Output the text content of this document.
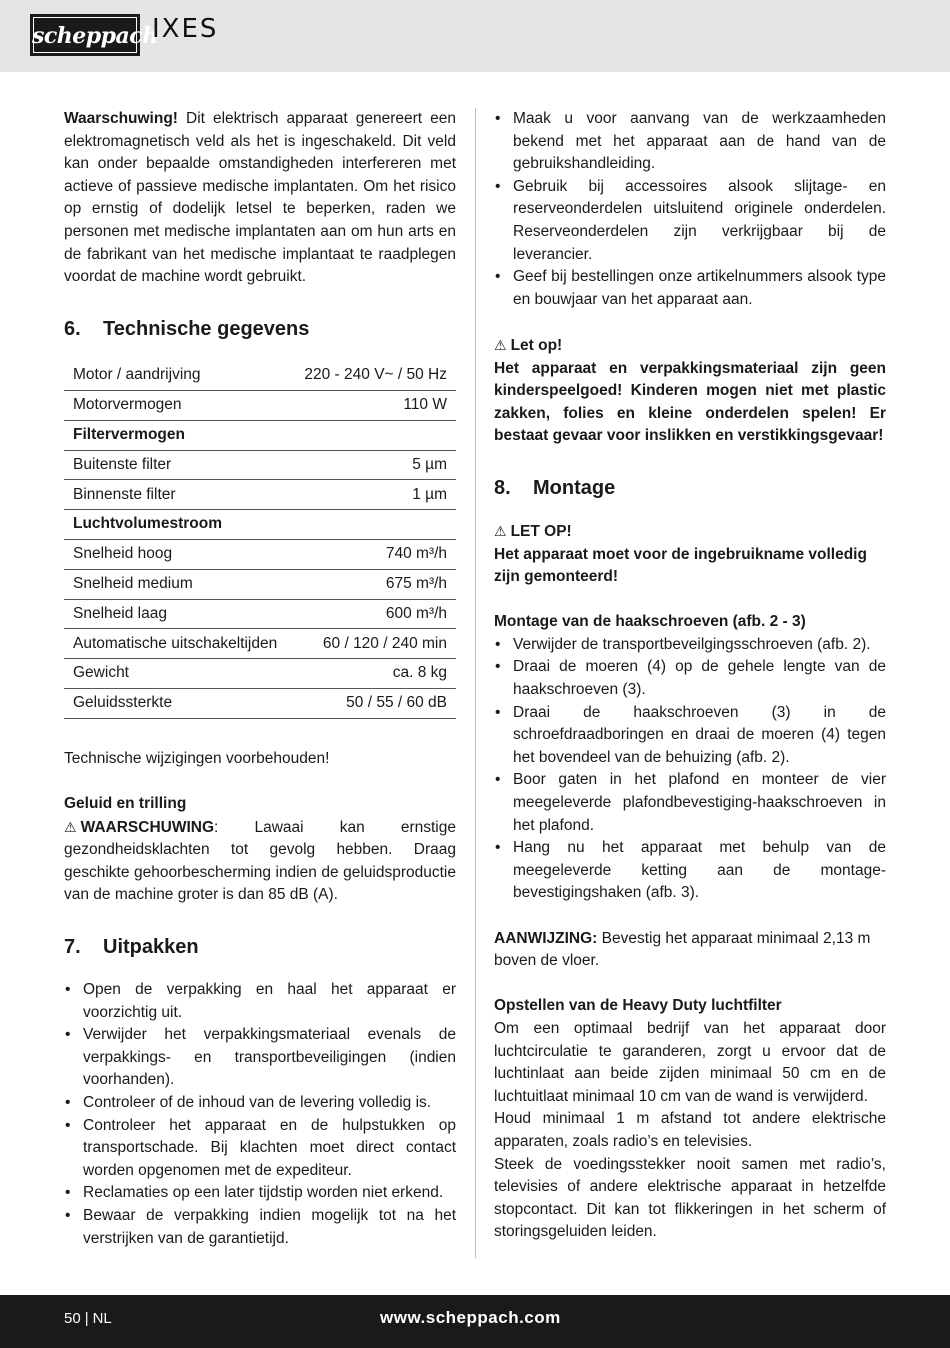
scheppach
IXES

Waarschuwing! Dit elektrisch apparaat genereert een elektromagnetisch veld als het is ingeschakeld. Dit veld kan onder bepaalde omstandigheden interfereren met actieve of passieve medische implantaten. Om het risico op ernstig of dodelijk letsel te beperken, raden we personen met medische implantaten aan om hun arts en de fabrikant van het medische implantaat te raadplegen voordat de machine wordt gebruikt.

6. Technische gegevens
Motor / aandrijving	220 - 240 V~ / 50 Hz
Motorvermogen	110 W
Filtervermogen	
Buitenste filter	5 µm
Binnenste filter	1 µm
Luchtvolumestroom	
Snelheid hoog	740 m³/h
Snelheid medium	675 m³/h
Snelheid laag	600 m³/h
Automatische uitschakeltijden	60 / 120 / 240 min
Gewicht	ca. 8 kg
Geluidssterkte	50 / 55 / 60 dB

Technische wijzigingen voorbehouden!

Geluid en trilling

⚠ WAARSCHUWING: Lawaai kan ernstige gezondheidsklachten tot gevolg hebben. Draag geschikte gehoorbescherming indien de geluidsproductie van de machine groter is dan 85 dB (A).

7. Uitpakken
• Open de verpakking en haal het apparaat er voorzichtig uit.
• Verwijder het verpakkingsmateriaal evenals de verpakkings- en transportbeveiligingen (indien voorhanden).
• Controleer of de inhoud van de levering volledig is.
• Controleer het apparaat en de hulpstukken op transportschade. Bij klachten moet direct contact worden opgenomen met de expediteur.
• Reclamaties op een later tijdstip worden niet erkend.
• Bewaar de verpakking indien mogelijk tot na het verstrijken van de garantietijd.
• Maak u voor aanvang van de werkzaamheden bekend met het apparaat aan de hand van de gebruikshandleiding.
• Gebruik bij accessoires alsook slijtage- en reserveonderdelen uitsluitend originele onderdelen. Reserveonderdelen zijn verkrijgbaar bij de leverancier.
• Geef bij bestellingen onze artikelnummers alsook type en bouwjaar van het apparaat aan.

⚠ Let op!

Het apparaat en verpakkingsmateriaal zijn geen kinderspeelgoed! Kinderen mogen niet met plastic zakken, folies en kleine onderdelen spelen! Er bestaat gevaar voor inslikken en verstikkingsgevaar!

8. Montage

⚠ LET OP!

Het apparaat moet voor de ingebruikname volledig zijn gemonteerd!

Montage van de haakschroeven (afb. 2 - 3)

• Verwijder de transportbeveilgingsschroeven (afb. 2).
• Draai de moeren (4) op de gehele lengte van de haakschroeven (3).
• Draai de haakschroeven (3) in de schroefdraadboringen en draai de moeren (4) tegen het bovendeel van de behuizing (afb. 2).
• Boor gaten in het plafond en monteer de vier meegeleverde plafondbevestiging-haakschroeven in het plafond.
• Hang nu het apparaat met behulp van de meegeleverde ketting aan de montage-bevestigingshaken (afb. 3).

AANWIJZING: Bevestig het apparaat minimaal 2,13 m boven de vloer.

Opstellen van de Heavy Duty luchtfilter

Om een optimaal bedrijf van het apparaat door luchtcirculatie te garanderen, zorgt u ervoor dat de luchtinlaat aan beide zijden minimaal 50 cm en de luchtuitlaat minimaal 10 cm van de wand is verwijderd.

Houd minimaal 1 m afstand tot andere elektrische apparaten, zoals radio’s en televisies.

Steek de voedingsstekker nooit samen met radio’s, televisies of andere elektrische apparaat in hetzelfde stopcontact. Dit kan tot flikkeringen in het scherm of storingsgeluiden leiden.

50 | NL	www.scheppach.com
